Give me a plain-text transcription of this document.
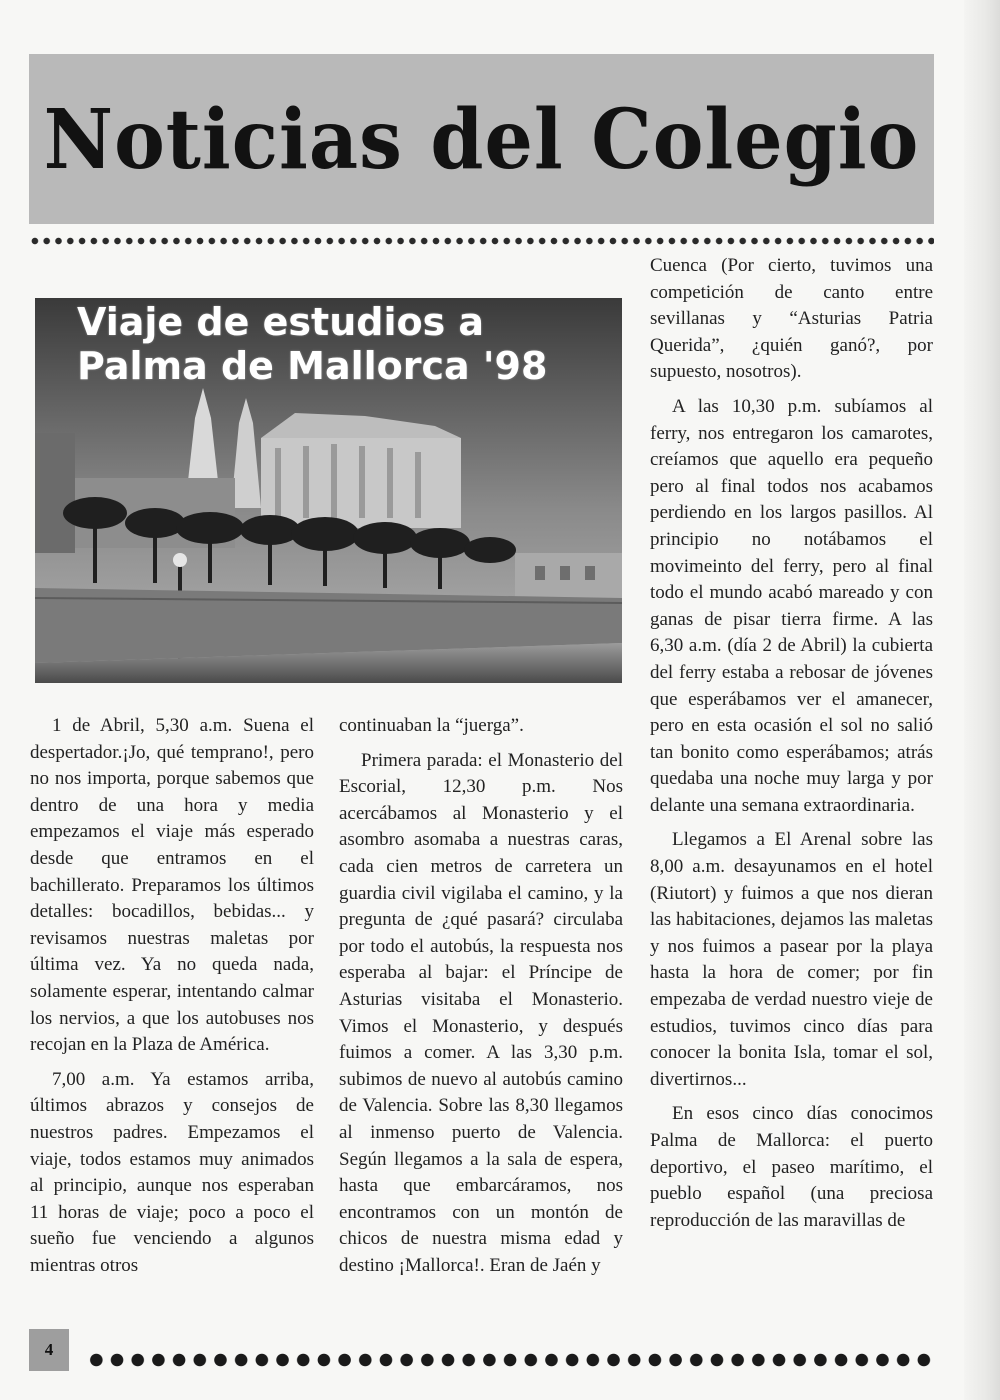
Noticias del Colegio
Viaje de estudios a
Palma de Mallorca '98

1 de Abril, 5,30 a.m. Suena el despertador.¡Jo, qué temprano!, pero no nos importa, porque sabemos que dentro de una hora y media empezamos el viaje más esperado desde que entramos en el bachillerato. Preparamos los últimos detalles: bocadillos, bebidas... y revisamos nuestras maletas por última vez. Ya no queda nada, solamente esperar, intentando calmar los nervios, a que los autobuses nos recojan en la Plaza de América.

7,00 a.m. Ya estamos arriba, últimos abrazos y consejos de nuestros padres. Empezamos el viaje, todos estamos muy animados al principio, aunque nos esperaban 11 horas de viaje; poco a poco el sueño fue venciendo a algunos mientras otros

continuaban la “juerga”.

Primera parada: el Monasterio del Escorial, 12,30 p.m. Nos acercábamos al Monasterio y el asombro asomaba a nuestras caras, cada cien metros de carretera un guardia civil vigilaba el camino, y la pregunta de ¿qué pasará? circulaba por todo el autobús, la respuesta nos esperaba al bajar: el Príncipe de Asturias visitaba el Monasterio. Vimos el Monasterio, y después fuimos a comer. A las 3,30 p.m. subimos de nuevo al autobús camino de Valencia. Sobre las 8,30 llegamos al inmenso puerto de Valencia. Según llegamos a la sala de espera, hasta que embarcáramos, nos encontramos con un montón de chicos de nuestra misma edad y destino ¡Mallorca!. Eran de Jaén y

Cuenca (Por cierto, tuvimos una competición de canto entre sevillanas y “Asturias Patria Querida”, ¿quién ganó?, por supuesto, nosotros).

A las 10,30 p.m. subíamos al ferry, nos entregaron los camarotes, creíamos que aquello era pequeño pero al final todos nos acabamos perdiendo en los largos pasillos. Al principio no notábamos el movimeinto del ferry, pero al final todo el mundo acabó mareado y con ganas de pisar tierra firme. A las 6,30 a.m. (día 2 de Abril) la cubierta del ferry estaba a rebosar de jóvenes que esperábamos ver el amanecer, pero en esta ocasión el sol no salió tan bonito como esperábamos; atrás quedaba una noche muy larga y por delante una semana extraordinaria.

Llegamos a El Arenal sobre las 8,00 a.m. desayunamos en el hotel (Riutort) y fuimos a que nos dieran las habitaciones, dejamos las maletas y nos fuimos a pasear por la playa hasta la hora de comer; por fin empezaba de verdad nuestro vieje de estudios, tuvimos cinco días para conocer la bonita Isla, tomar el sol, divertirnos...

En esos cinco días conocimos Palma de Mallorca: el puerto deportivo, el paseo marítimo, el pueblo español (una preciosa reproducción de las maravillas de

4
